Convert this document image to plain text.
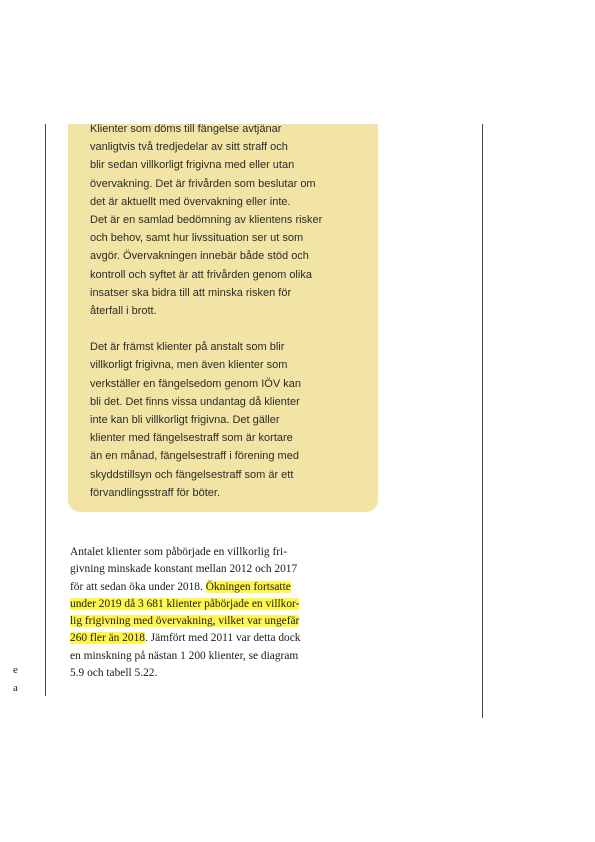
Klienter som döms till fängelse avtjänar
vanligtvis två tredjedelar av sitt straff och
blir sedan villkorligt frigivna med eller utan
övervakning. Det är frivården som beslutar om
det är aktuellt med övervakning eller inte.
Det är en samlad bedömning av klientens risker
och behov, samt hur livssituation ser ut som
avgör. Övervakningen innebär både stöd och
kontroll och syftet är att frivården genom olika
insatser ska bidra till att minska risken för
återfall i brott.
Det är främst klienter på anstalt som blir
villkorligt frigivna, men även klienter som
verkställer en fängelsedom genom IÖV kan
bli det. Det finns vissa undantag då klienter
inte kan bli villkorligt frigivna. Det gäller
klienter med fängelsestraff som är kortare
än en månad, fängelsestraff i förening med
skyddstillsyn och fängelsestraff som är ett
förvandlingsstraff för böter.
Antalet klienter som påbörjade en villkorlig fri-
givning minskade konstant mellan 2012 och 2017
för att sedan öka under 2018. Ökningen fortsatte
under 2019 då 3 681 klienter påbörjade en villkor-
lig frigivning med övervakning, vilket var ungefär
260 fler än 2018. Jämfört med 2011 var detta dock
en minskning på nästan 1 200 klienter, se diagram
5.9 och tabell 5.22.
e
a
